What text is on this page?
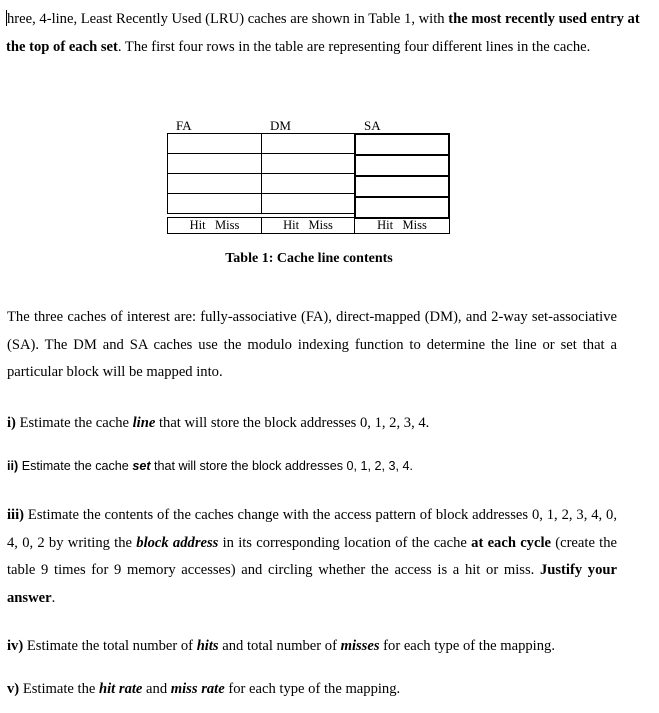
hree, 4-line, Least Recently Used (LRU) caches are shown in Table 1, with the most recently used entry at the top of each set. The first four rows in the table are representing four different lines in the cache.

FA	DM	SA

Hit   Miss	Hit   Miss	Hit   Miss
Table 1: Cache line contents

The three caches of interest are: fully-associative (FA), direct-mapped (DM), and 2-way set-associative (SA). The DM and SA caches use the modulo indexing function to determine the line or set that a particular block will be mapped into.

i) Estimate the cache line that will store the block addresses 0, 1, 2, 3, 4.

ii) Estimate the cache set that will store the block addresses 0, 1, 2, 3, 4.

iii) Estimate the contents of the caches change with the access pattern of block addresses 0, 1, 2, 3, 4, 0, 4, 0, 2 by writing the block address in its corresponding location of the cache at each cycle (create the table 9 times for 9 memory accesses) and circling whether the access is a hit or miss. Justify your answer.

iv) Estimate the total number of hits and total number of misses for each type of the mapping.

v) Estimate the hit rate and miss rate for each type of the mapping.
